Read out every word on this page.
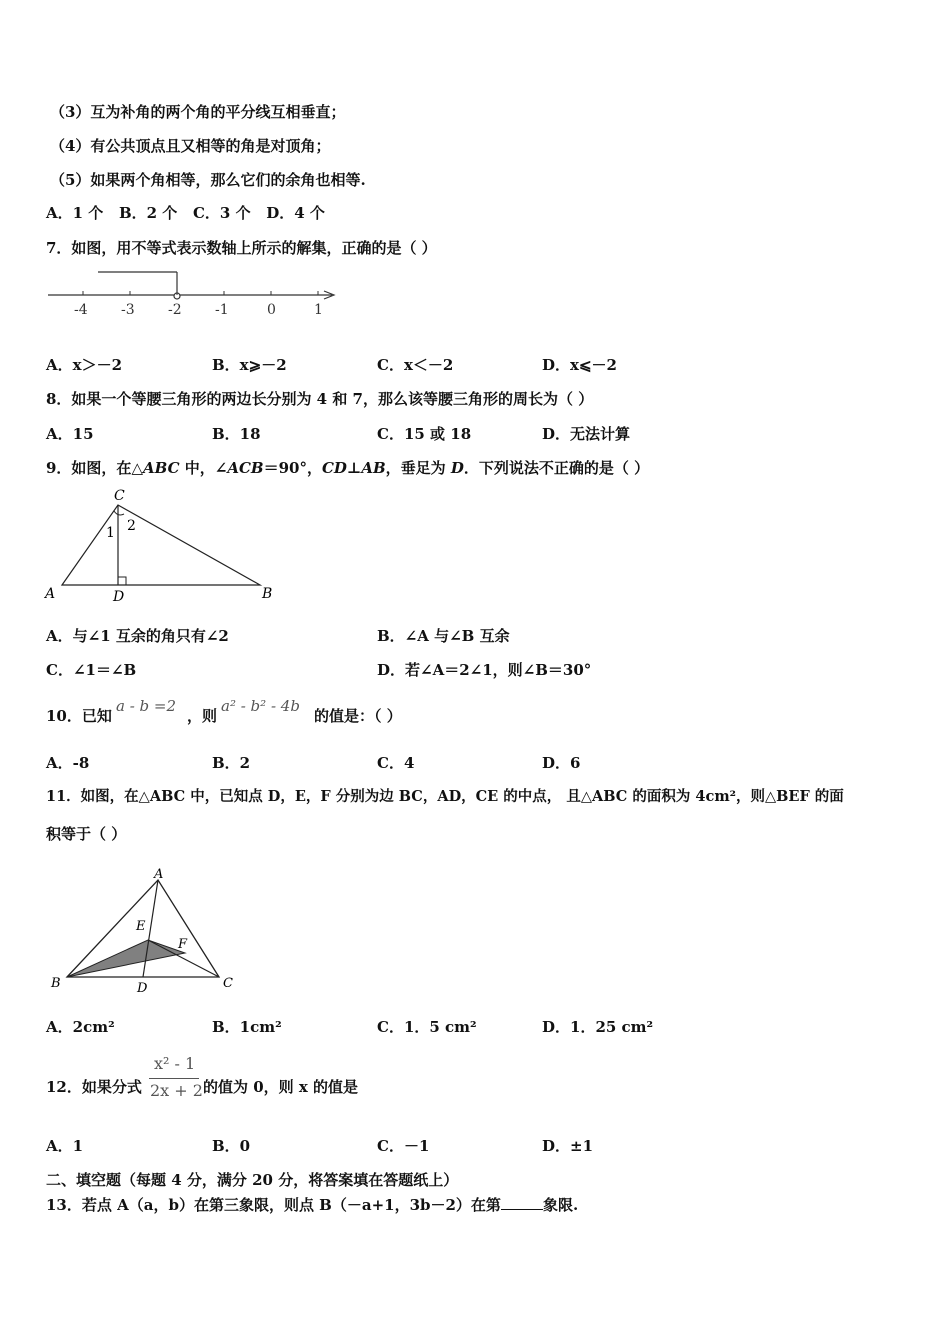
（3）互为补角的两个角的平分线互相垂直；
（4）有公共顶点且又相等的角是对顶角；
（5）如果两个角相等，那么它们的余角也相等.
A．1 个   B．2 个   C．3 个   D．4 个
7．如图，用不等式表示数轴上所示的解集，正确的是（ ）
-4 -3 -2 -1	0	1
A．x＞－2	B．x⩾－2	C．x＜－2	D．x⩽－2
8．如果一个等腰三角形的两边长分别为 4 和 7，那么该等腰三角形的周长为（ ）
A．15	B．18	C．15 或 18	D．无法计算
9．如图，在△ABC 中，∠ACB＝90°，CD⊥AB，垂足为 D．下列说法不正确的是（ ）
C
A	D	B
1 2
A．与∠1 互余的角只有∠2	B．∠A 与∠B 互余
C．∠1＝∠B	D．若∠A＝2∠1，则∠B＝30°
10．已知
a - b =2
，则
a² - b² - 4b
的值是：（ ）
A．-8	B．2	C．4	D．6
11．如图，在△ABC 中，已知点 D，E，F 分别为边 BC，AD，CE 的中点， 且△ABC 的面积为 4cm²，则△BEF 的面
积等于（ ）
A
B	C
D
E
F
A．2cm²	B．1cm²	C．1．5 cm²	D．1．25 cm²
12．如果分式
x² - 1
2x + 2 的值为 0，则 x 的值是
A．1	B．0	C．－1	D．±1
二、填空题（每题 4 分，满分 20 分，将答案填在答题纸上）
13．若点 A（a，b）在第三象限，则点 B（－a+1，3b－2）在第	象限.
